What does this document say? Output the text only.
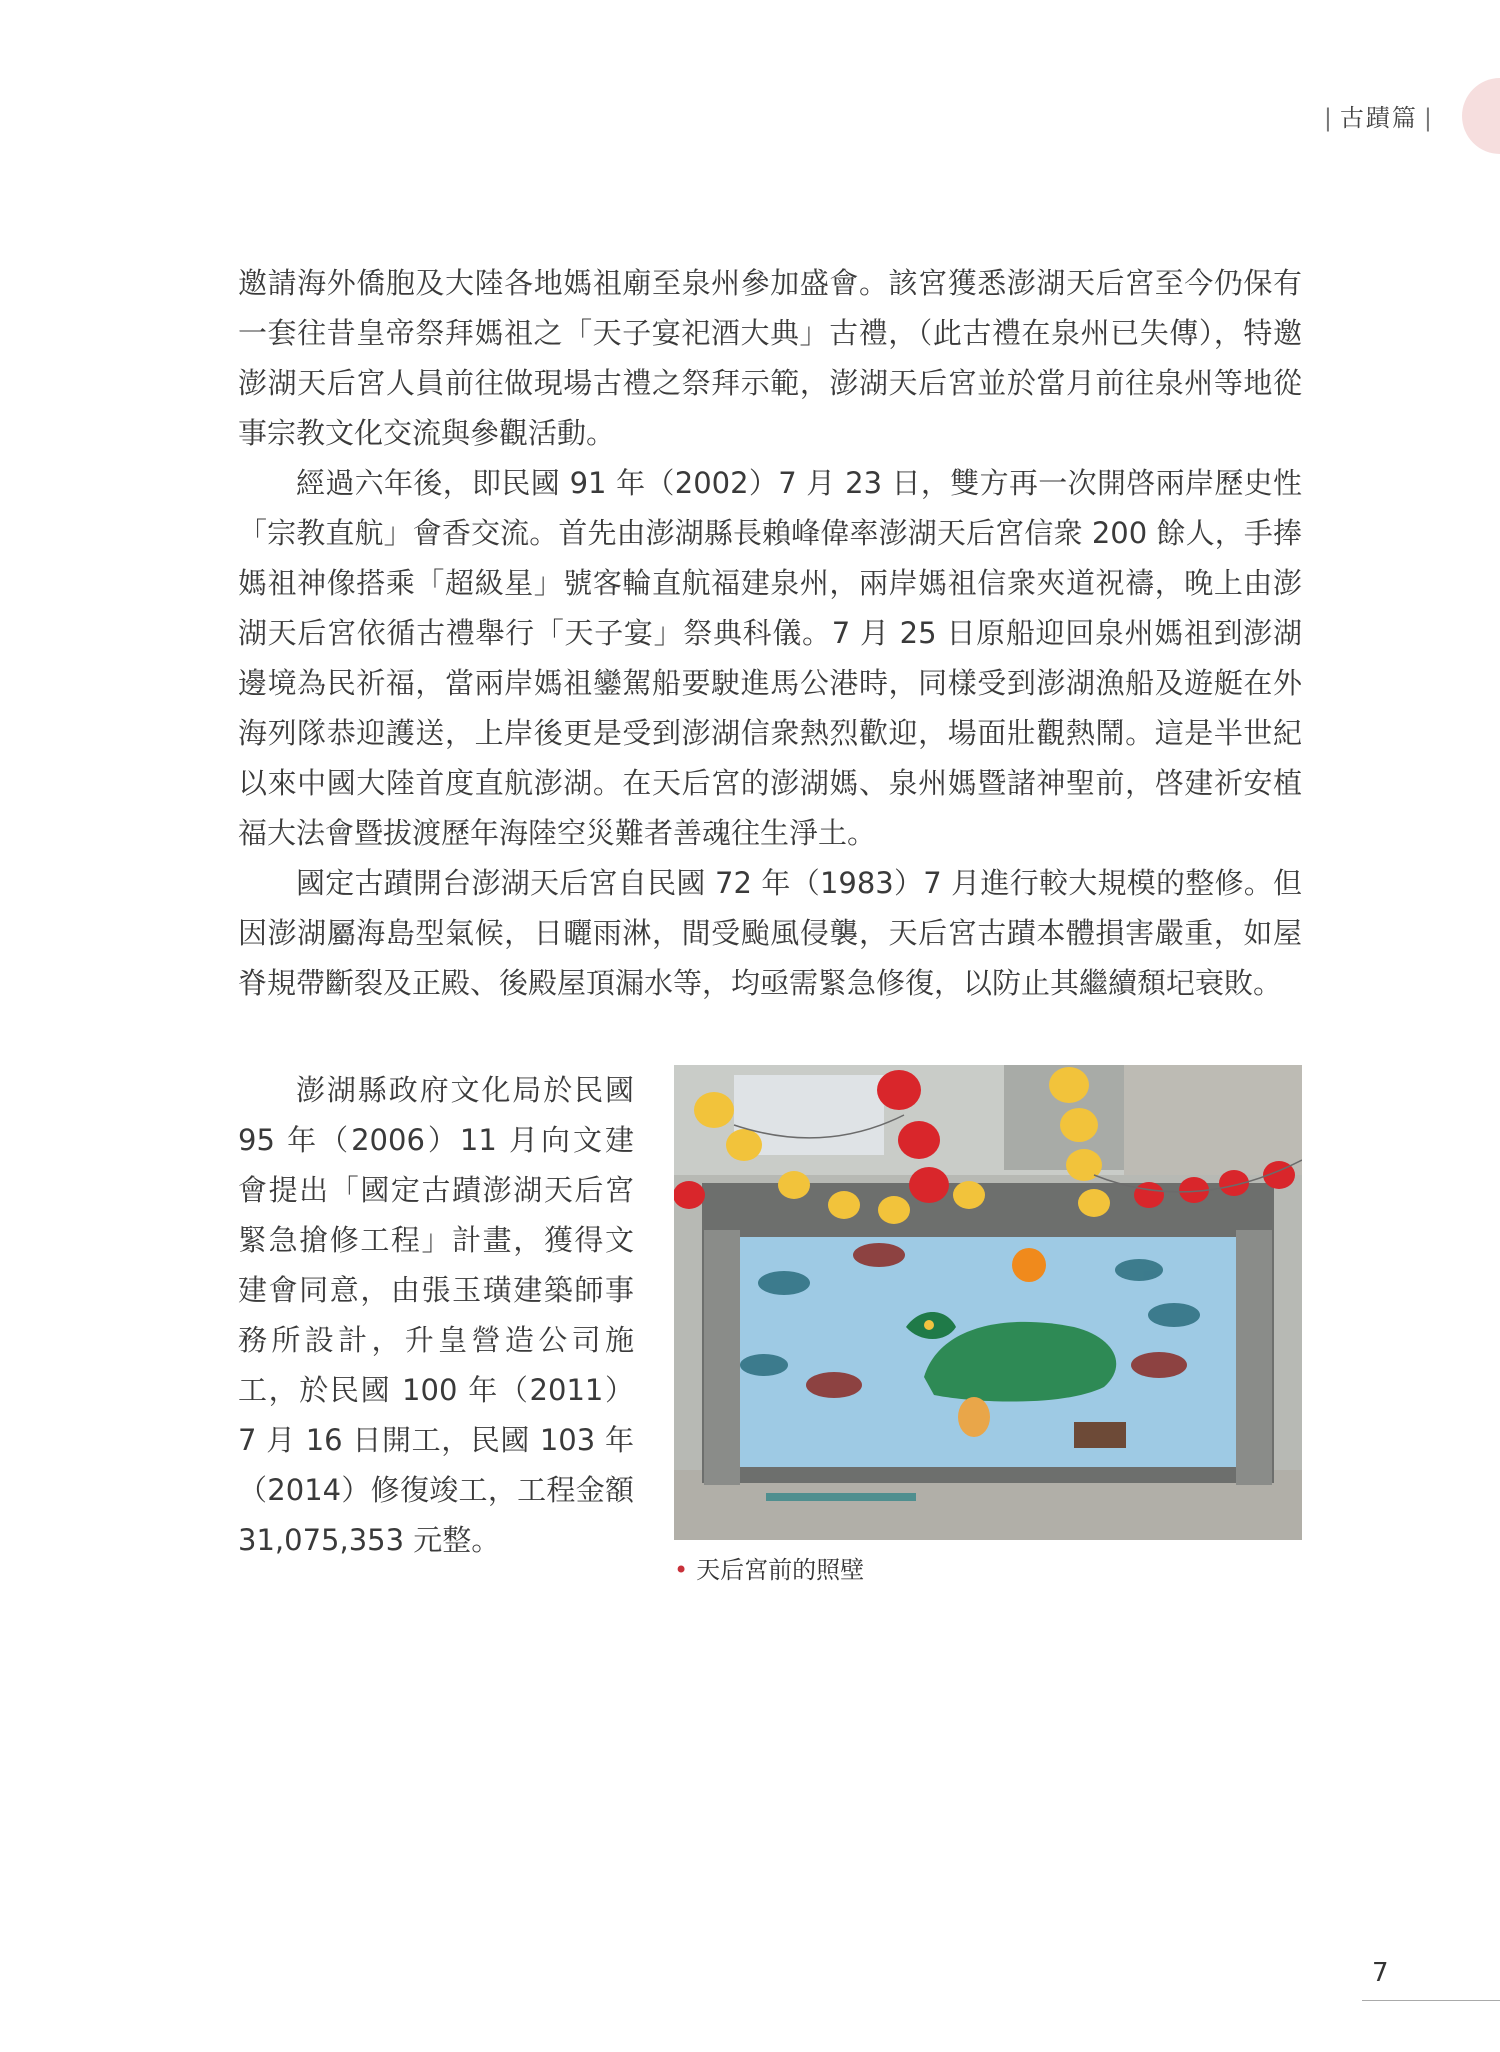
| 古蹟篇 |

邀請海外僑胞及大陸各地媽祖廟至泉州參加盛會。該宮獲悉澎湖天后宮至今仍保有一套往昔皇帝祭拜媽祖之「天子宴祀酒大典」古禮，（此古禮在泉州已失傳），特邀澎湖天后宮人員前往做現場古禮之祭拜示範，澎湖天后宮並於當月前往泉州等地從事宗教文化交流與參觀活動。

經過六年後，即民國 91 年（2002）7 月 23 日，雙方再一次開啓兩岸歷史性「宗教直航」會香交流。首先由澎湖縣長賴峰偉率澎湖天后宮信衆 200 餘人，手捧媽祖神像搭乘「超級星」號客輪直航福建泉州，兩岸媽祖信衆夾道祝禱，晚上由澎湖天后宮依循古禮舉行「天子宴」祭典科儀。7 月 25 日原船迎回泉州媽祖到澎湖邊境為民祈福，當兩岸媽祖鑾駕船要駛進馬公港時，同樣受到澎湖漁船及遊艇在外海列隊恭迎護送，上岸後更是受到澎湖信衆熱烈歡迎，場面壯觀熱鬧。這是半世紀以來中國大陸首度直航澎湖。在天后宮的澎湖媽、泉州媽暨諸神聖前，啓建祈安植福大法會暨拔渡歷年海陸空災難者善魂往生淨土。

國定古蹟開台澎湖天后宮自民國 72 年（1983）7 月進行較大規模的整修。但因澎湖屬海島型氣候，日曬雨淋，間受颱風侵襲，天后宮古蹟本體損害嚴重，如屋脊規帶斷裂及正殿、後殿屋頂漏水等，均亟需緊急修復，以防止其繼續頹圮衰敗。

澎湖縣政府文化局於民國 95 年（2006）11 月向文建會提出「國定古蹟澎湖天后宮緊急搶修工程」計畫，獲得文建會同意，由張玉璜建築師事務所設計，升皇營造公司施工，於民國 100 年（2011）7 月 16 日開工，民國 103 年（2014）修復竣工，工程金額 31,075,353 元整。

• 天后宮前的照壁
7
